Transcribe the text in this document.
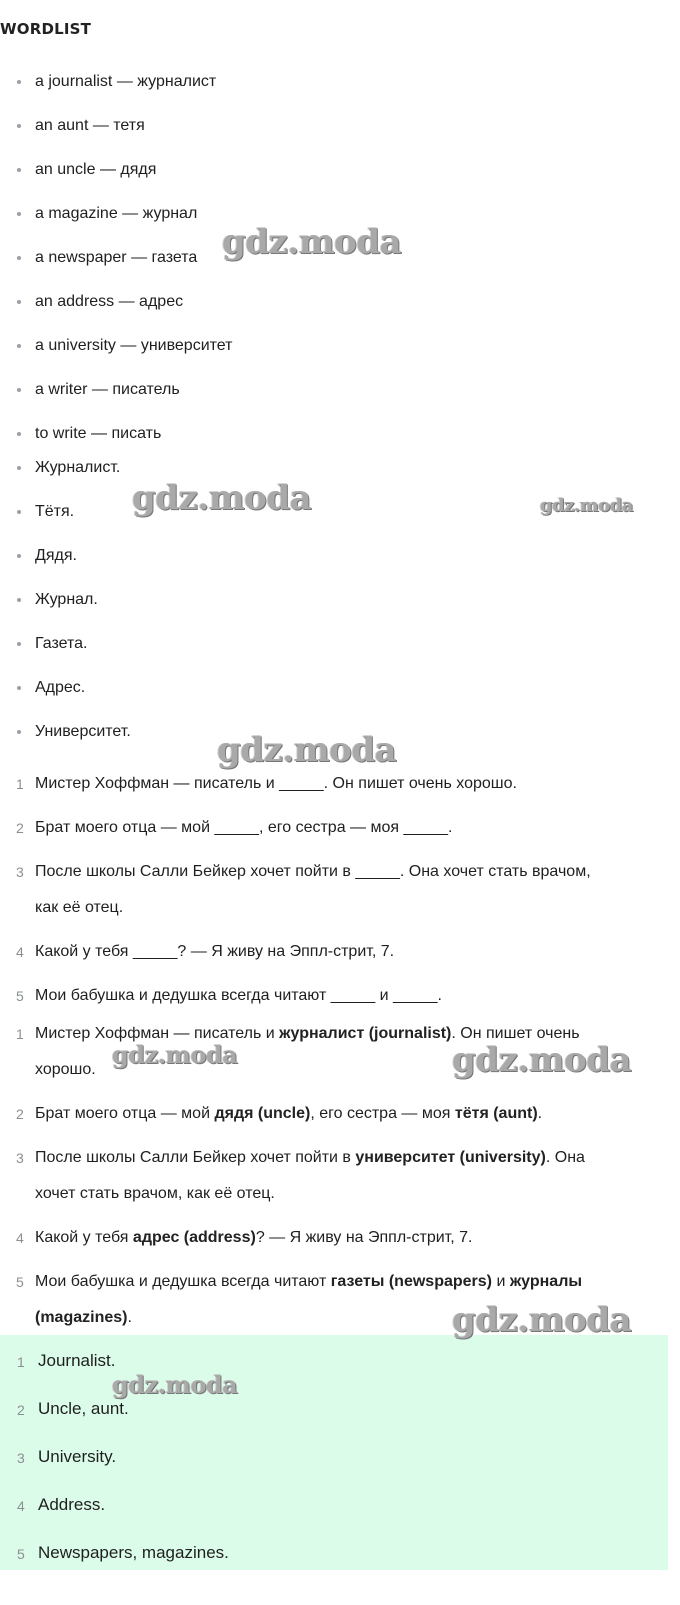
WORDLIST
a journalist — журналист
an aunt — тетя
an uncle — дядя
a magazine — журнал
a newspaper — газета
an address — адрес
a university — университет
a writer — писатель
to write — писать
Журналист.
Тётя.
Дядя.
Журнал.
Газета.
Адрес.
Университет.
1 Мистер Хоффман — писатель и _____. Он пишет очень хорошо.
2 Брат моего отца — мой _____, его сестра — моя _____.
3 После школы Салли Бейкер хочет пойти в _____. Она хочет стать врачом,
как её отец.
4 Какой у тебя _____? — Я живу на Эппл-стрит, 7.
5 Мои бабушка и дедушка всегда читают _____ и _____.
1 Мистер Хоффман — писатель и журналист (journalist). Он пишет очень
хорошо.
2 Брат моего отца — мой дядя (uncle), его сестра — моя тётя (aunt).
3 После школы Салли Бейкер хочет пойти в университет (university). Она
хочет стать врачом, как её отец.
4 Какой у тебя адрес (address)? — Я живу на Эппл-стрит, 7.
5 Мои бабушка и дедушка всегда читают газеты (newspapers) и журналы
(magazines).
1 Journalist.
2 Uncle, aunt.
3 University.
4 Address.
5 Newspapers, magazines.
gdz.moda
gdz.moda	gdz.moda
gdz.moda
gdz.moda	gdz.moda
gdz.moda
gdz.moda
